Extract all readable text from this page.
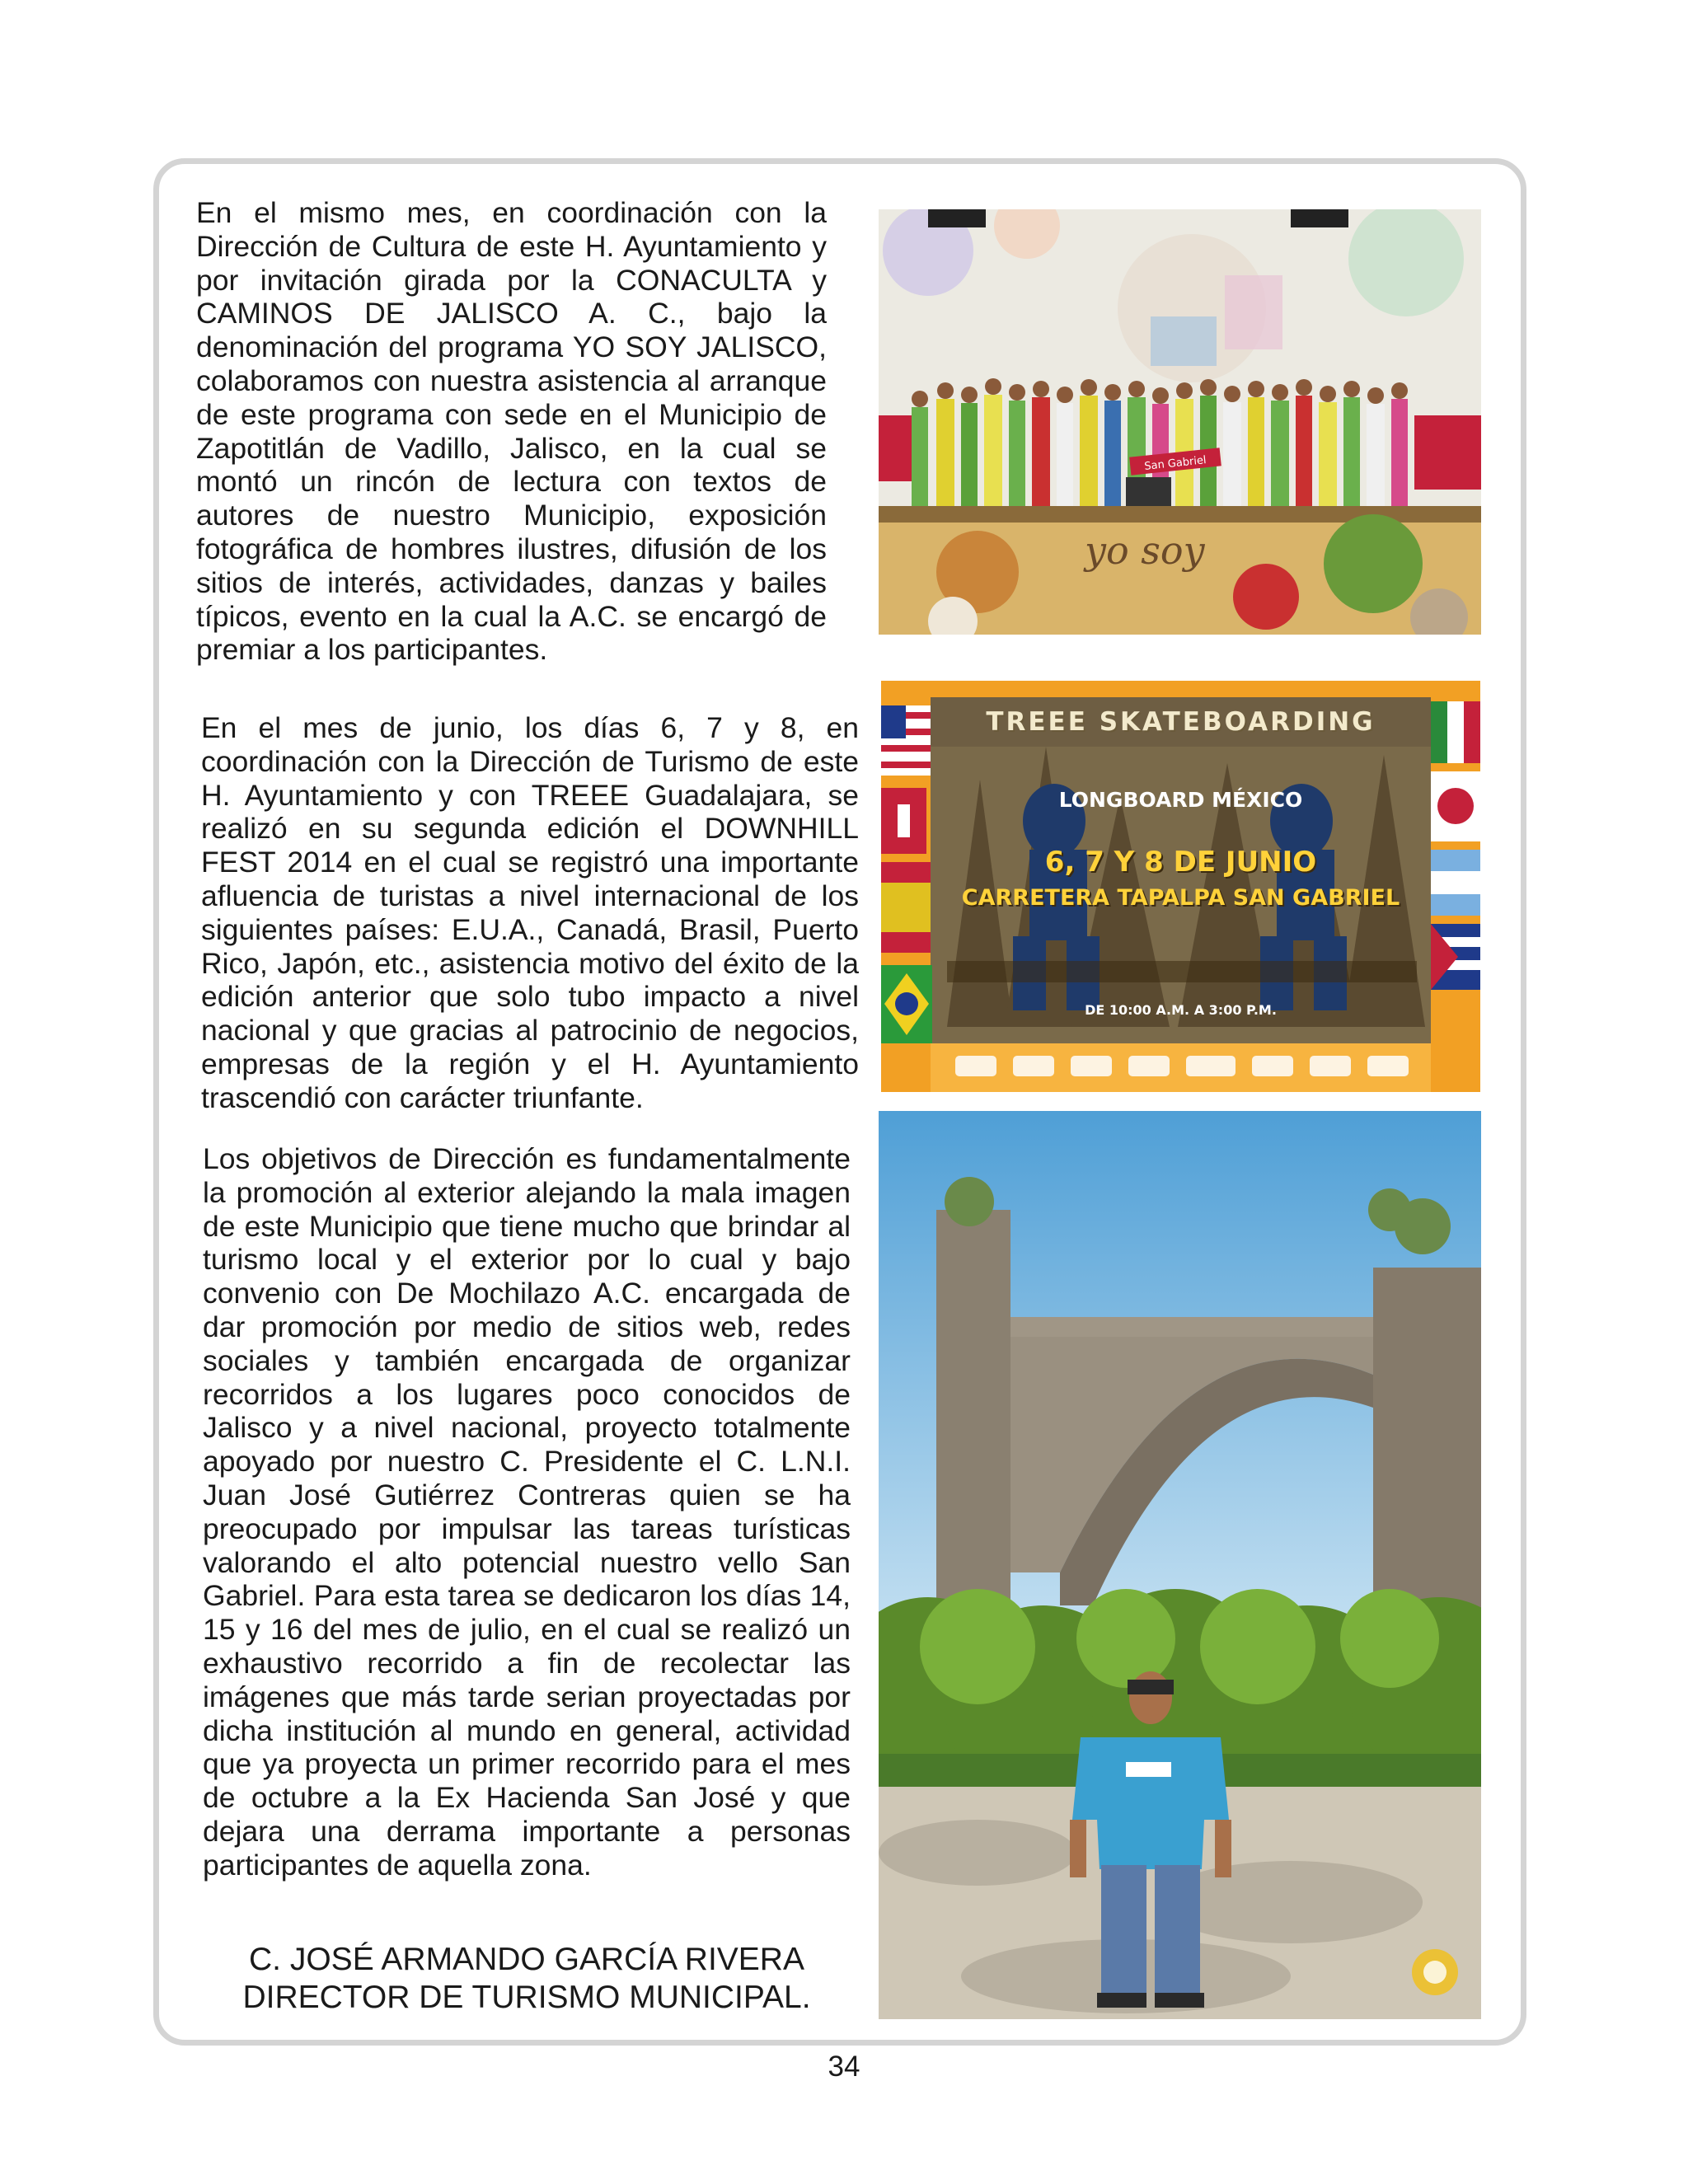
En el mismo mes, en coordinación con la Dirección de Cultura de este H. Ayuntamiento y por invitación girada por la CONACULTA y CAMINOS DE JALISCO A. C., bajo la denominación del programa YO SOY JALISCO, colaboramos con nuestra asistencia al arranque de este programa con sede en el Municipio de Zapotitlán de Vadillo, Jalisco, en la cual se montó un rincón de lectura con textos de autores de nuestro Municipio, exposición fotográfica de hombres ilustres, difusión de los sitios de interés, actividades, danzas y bailes típicos, evento en la cual la A.C. se encargó de premiar a los participantes.

San Gabriel
yo soy

En el mes de junio, los días 6, 7 y 8, en coordinación con la Dirección de Turismo de este H. Ayuntamiento y con TREEE Guadalajara, se realizó en su segunda edición el DOWNHILL FEST 2014 en el cual se registró una importante afluencia de turistas a nivel internacional de los siguientes países: E.U.A., Canadá, Brasil, Puerto Rico, Japón, etc., asistencia motivo del éxito de la edición anterior que solo tubo impacto a nivel nacional y que gracias al patrocinio de negocios, empresas de la región y el H. Ayuntamiento trascendió con carácter triunfante.

TREEE SKATEBOARDING
LONGBOARD MÉXICO
6, 7 Y 8 DE JUNIO
CARRETERA TAPALPA SAN GABRIEL
DE 10:00 A.M. A 3:00 P.M.

Los objetivos de Dirección es fundamentalmente la promoción al exterior alejando la mala imagen de este Municipio que tiene mucho que brindar al turismo local y el exterior por lo cual y bajo convenio con De Mochilazo A.C. encargada de dar promoción por medio de sitios web, redes sociales y también encargada de organizar recorridos a los lugares poco conocidos de Jalisco y a nivel nacional, proyecto totalmente apoyado por nuestro C. Presidente el C. L.N.I. Juan José Gutiérrez Contreras quien se ha preocupado por impulsar las tareas turísticas valorando el alto potencial nuestro vello San Gabriel. Para esta tarea se dedicaron los días 14, 15 y 16 del mes de julio, en el cual se realizó un exhaustivo recorrido a fin de recolectar las imágenes que más tarde serian proyectadas por dicha institución al mundo en general, actividad que ya proyecta un primer recorrido para el mes de octubre a la Ex Hacienda San José y que dejara una derrama importante a personas participantes de aquella zona.

C. JOSÉ ARMANDO GARCÍA RIVERA
DIRECTOR DE TURISMO MUNICIPAL.
34
